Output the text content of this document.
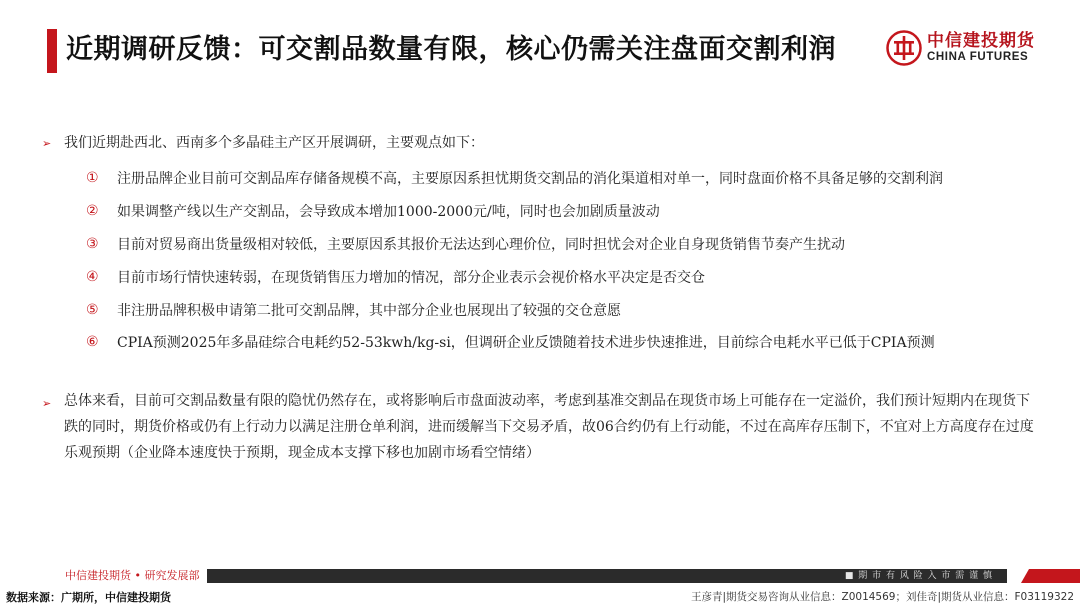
近期调研反馈：可交割品数量有限，核心仍需关注盘面交割利润	中信建投期货
CHINA FUTURES
➢ 我们近期赴西北、西南多个多晶硅主产区开展调研，主要观点如下：
①	注册品牌企业目前可交割品库存储备规模不高，主要原因系担忧期货交割品的消化渠道相对单一，同时盘面价格不具备足够的交割利润
②	如果调整产线以生产交割品，会导致成本增加1000-2000元/吨，同时也会加剧质量波动
③	目前对贸易商出货量级相对较低，主要原因系其报价无法达到心理价位，同时担忧会对企业自身现货销售节奏产生扰动
④	目前市场行情快速转弱，在现货销售压力增加的情况，部分企业表示会视价格水平决定是否交仓
⑤	非注册品牌积极申请第二批可交割品牌，其中部分企业也展现出了较强的交仓意愿
⑥	CPIA预测2025年多晶硅综合电耗约52-53kwh/kg-si，但调研企业反馈随着技术进步快速推进，目前综合电耗水平已低于CPIA预测
➢ 总体来看，目前可交割品数量有限的隐忧仍然存在，或将影响后市盘面波动率，考虑到基准交割品在现货市场上可能存在一定溢价，我们预计短期内在现货下跌的同时，期货价格或仍有上行动力以满足注册仓单利润，进而缓解当下交易矛盾，故06合约仍有上行动能，不过在高库存压制下，不宜对上方高度存在过度乐观预期（企业降本速度快于预期，现金成本支撑下移也加剧市场看空情绪）
中信建投期货 • 研究发展部	■ 期 市 有 风 险 入 市 需 谨 慎
数据来源：广期所，中信建投期货	王彦青|期货交易咨询从业信息：Z0014569；刘佳奇|期货从业信息：F03119322
